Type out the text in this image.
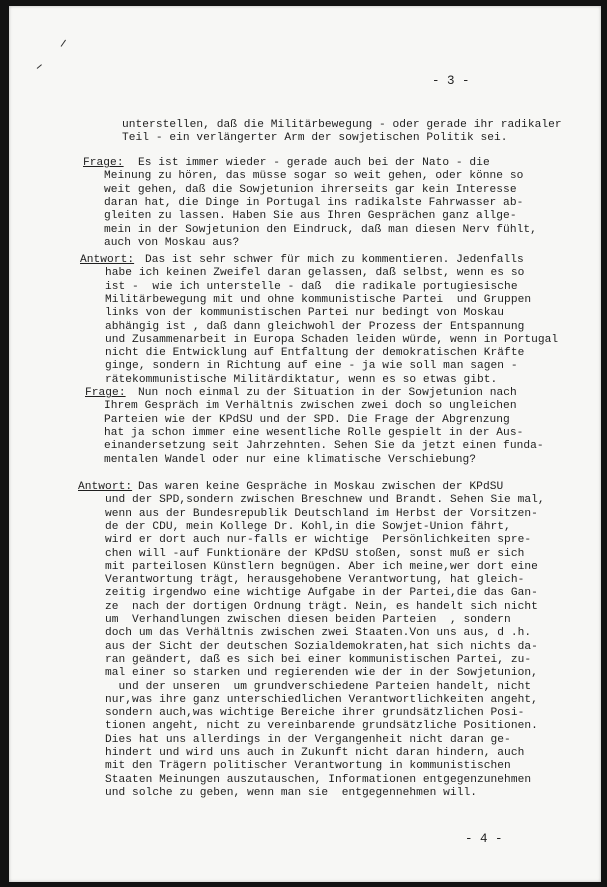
- 3 -
unterstellen, daß die Militärbewegung - oder gerade ihr radikaler
Teil - ein verlängerter Arm der sowjetischen Politik sei.
Frage: Es ist immer wieder - gerade auch bei der Nato - die
Meinung zu hören, das müsse sogar so weit gehen, oder könne so
weit gehen, daß die Sowjetunion ihrerseits gar kein Interesse
daran hat, die Dinge in Portugal ins radikalste Fahrwasser ab-
gleiten zu lassen. Haben Sie aus Ihren Gesprächen ganz allge-
mein in der Sowjetunion den Eindruck, daß man diesen Nerv fühlt,
auch von Moskau aus?
Antwort: Das ist sehr schwer für mich zu kommentieren. Jedenfalls
habe ich keinen Zweifel daran gelassen, daß selbst, wenn es so
ist -  wie ich unterstelle - daß  die radikale portugiesische
Militärbewegung mit und ohne kommunistische Partei  und Gruppen
links von der kommunistischen Partei nur bedingt von Moskau
abhängig ist , daß dann gleichwohl der Prozess der Entspannung
und Zusammenarbeit in Europa Schaden leiden würde, wenn in Portugal
nicht die Entwicklung auf Entfaltung der demokratischen Kräfte
ginge, sondern in Richtung auf eine - ja wie soll man sagen -
rätekommunistische Militärdiktatur, wenn es so etwas gibt.
Frage: Nun noch einmal zu der Situation in der Sowjetunion nach
Ihrem Gespräch im Verhältnis zwischen zwei doch so ungleichen
Parteien wie der KPdSU und der SPD. Die Frage der Abgrenzung
hat ja schon immer eine wesentliche Rolle gespielt in der Aus-
einandersetzung seit Jahrzehnten. Sehen Sie da jetzt einen funda-
mentalen Wandel oder nur eine klimatische Verschiebung?
Antwort: Das waren keine Gespräche in Moskau zwischen der KPdSU
und der SPD,sondern zwischen Breschnew und Brandt. Sehen Sie mal,
wenn aus der Bundesrepublik Deutschland im Herbst der Vorsitzen-
de der CDU, mein Kollege Dr. Kohl,in die Sowjet-Union fährt,
wird er dort auch nur-falls er wichtige  Persönlichkeiten spre-
chen will -auf Funktionäre der KPdSU stoßen, sonst muß er sich
mit parteilosen Künstlern begnügen. Aber ich meine,wer dort eine
Verantwortung trägt, herausgehobene Verantwortung, hat gleich-
zeitig irgendwo eine wichtige Aufgabe in der Partei,die das Gan-
ze  nach der dortigen Ordnung trägt. Nein, es handelt sich nicht
um  Verhandlungen zwischen diesen beiden Parteien  , sondern
doch um das Verhältnis zwischen zwei Staaten.Von uns aus, d .h.
aus der Sicht der deutschen Sozialdemokraten,hat sich nichts da-
ran geändert, daß es sich bei einer kommunistischen Partei, zu-
mal einer so starken und regierenden wie der in der Sowjetunion,
und der unseren  um grundverschiedene Parteien handelt, nicht
nur,was ihre ganz unterschiedlichen Verantwortlichkeiten angeht,
sondern auch,was wichtige Bereiche ihrer grundsätzlichen Posi-
tionen angeht, nicht zu vereinbarende grundsätzliche Positionen.
Dies hat uns allerdings in der Vergangenheit nicht daran ge-
hindert und wird uns auch in Zukunft nicht daran hindern, auch
mit den Trägern politischer Verantwortung in kommunistischen
Staaten Meinungen auszutauschen, Informationen entgegenzunehmen
und solche zu geben, wenn man sie  entgegennehmen will.
- 4 -
